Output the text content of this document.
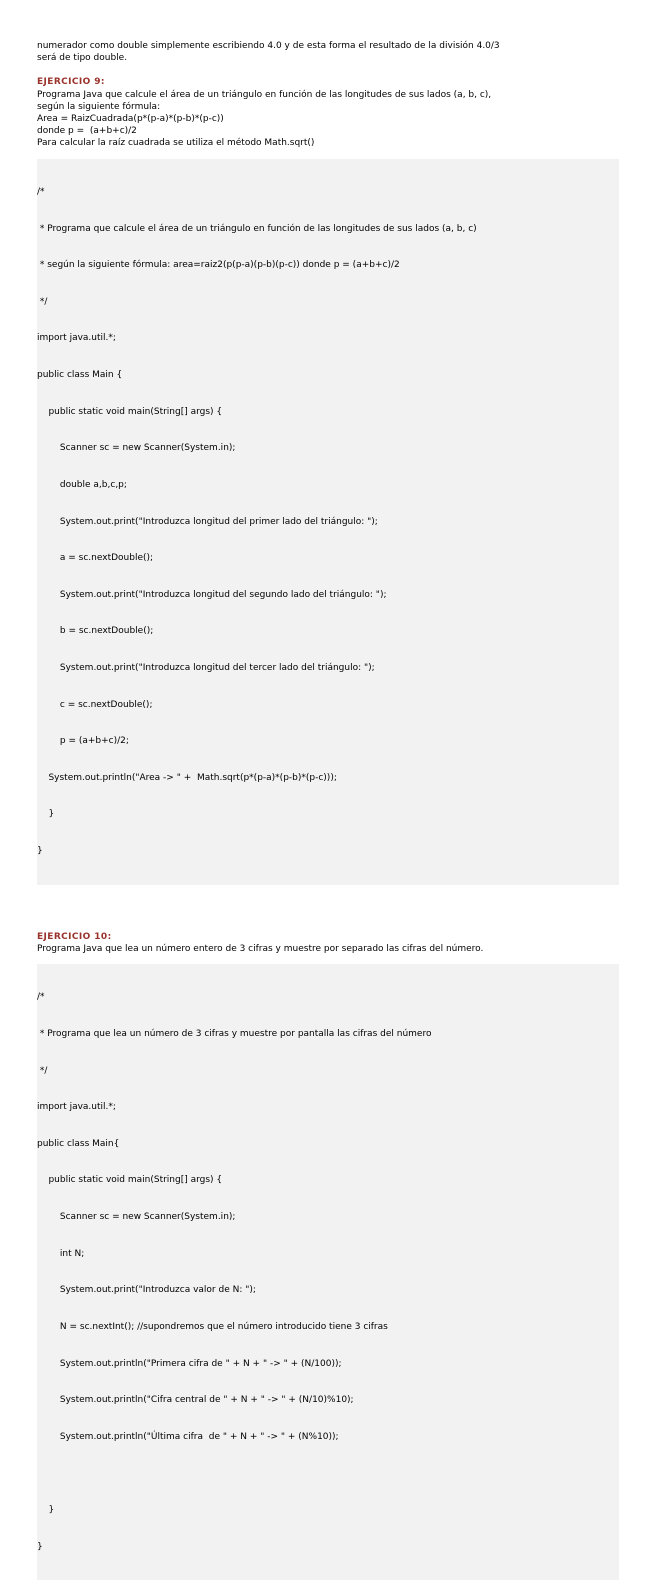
numerador como double simplemente escribiendo 4.0 y de esta forma el resultado de la división 4.0/3
será de tipo double.

EJERCICIO 9:

Programa Java que calcule el área de un triángulo en función de las longitudes de sus lados (a, b, c),
según la siguiente fórmula:
Area = RaizCuadrada(p*(p-a)*(p-b)*(p-c))
donde p =  (a+b+c)/2
Para calcular la raíz cuadrada se utiliza el método Math.sqrt()

/*

* Programa que calcule el área de un triángulo en función de las longitudes de sus lados (a, b, c)

* según la siguiente fórmula: area=raiz2(p(p-a)(p-b)(p-c)) donde p = (a+b+c)/2

*/

import java.util.*;

public class Main {

public static void main(String[] args) {

Scanner sc = new Scanner(System.in);

double a,b,c,p;

System.out.print("Introduzca longitud del primer lado del triángulo: ");

a = sc.nextDouble();

System.out.print("Introduzca longitud del segundo lado del triángulo: ");

b = sc.nextDouble();

System.out.print("Introduzca longitud del tercer lado del triángulo: ");

c = sc.nextDouble();

p = (a+b+c)/2;

System.out.println("Area -> " +  Math.sqrt(p*(p-a)*(p-b)*(p-c)));

}

}

EJERCICIO 10:

Programa Java que lea un número entero de 3 cifras y muestre por separado las cifras del número.

/*

* Programa que lea un número de 3 cifras y muestre por pantalla las cifras del número

*/

import java.util.*;

public class Main{

public static void main(String[] args) {

Scanner sc = new Scanner(System.in);

int N;

System.out.print("Introduzca valor de N: ");

N = sc.nextInt(); //supondremos que el número introducido tiene 3 cifras

System.out.println("Primera cifra de " + N + " -> " + (N/100));

System.out.println("Cifra central de " + N + " -> " + (N/10)%10);

System.out.println("Última cifra  de " + N + " -> " + (N%10));

}

}
